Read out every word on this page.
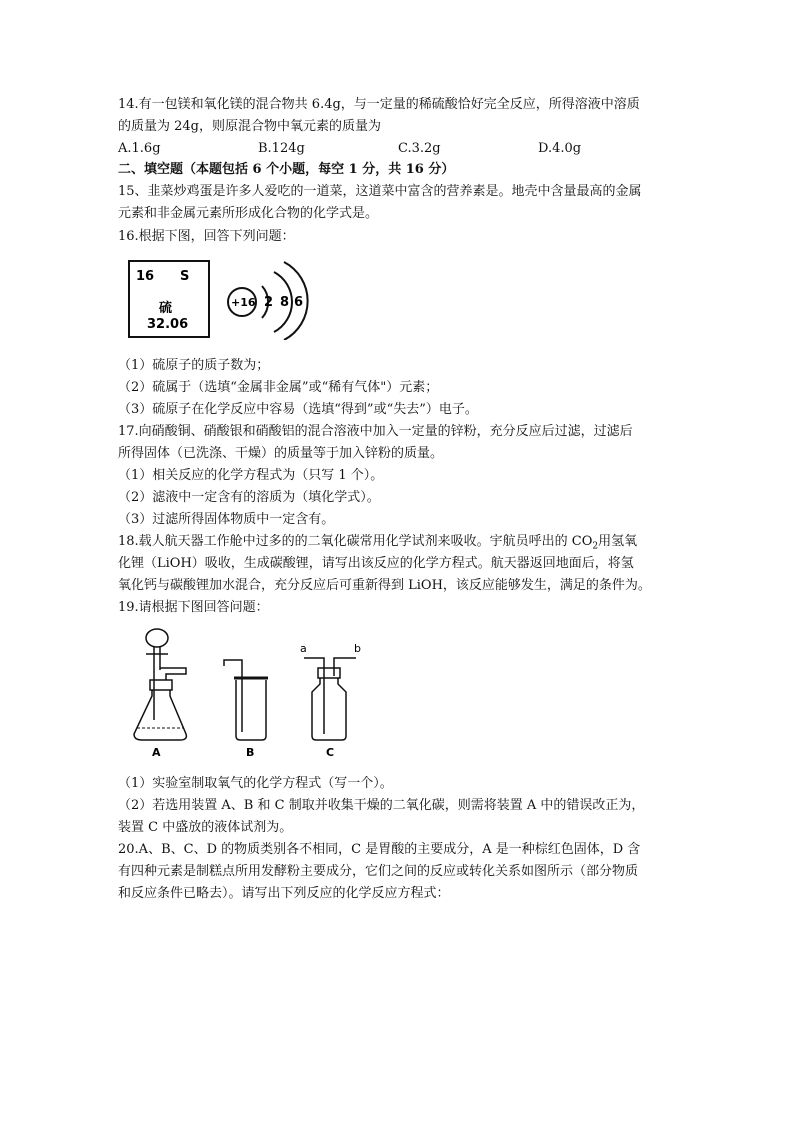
14.有一包镁和氧化镁的混合物共 6.4g，与一定量的稀硫酸恰好完全反应，所得溶液中溶质
的质量为 24g，则原混合物中氧元素的质量为
A.1.6g	B.124g	C.3.2g	D.4.0g
二、填空题（本题包括 6 个小题，每空 1 分，共 16 分）
15、韭菜炒鸡蛋是许多人爱吃的一道菜，这道菜中富含的营养素是。地壳中含量最高的金属
元素和非金属元素所形成化合物的化学式是。
16.根据下图，回答下列问题：
16 S
硫
32.06
+16 2 8 6
（1）硫原子的质子数为；
（2）硫属于（选填“金属非金属”或“稀有气体"）元素；
（3）硫原子在化学反应中容易（选填“得到”或“失去”）电子。
17.向硝酸铜、硝酸银和硝酸铝的混合溶液中加入一定量的锌粉，充分反应后过滤，过滤后
所得固体（已洗涤、干燥）的质量等于加入锌粉的质量。
（1）相关反应的化学方程式为（只写 1 个）。
（2）滤液中一定含有的溶质为（填化学式）。
（3）过滤所得固体物质中一定含有。
18.载人航天器工作舱中过多的的二氧化碳常用化学试剂来吸收。宇航员呼出的 $CO_2$用氢氧
化锂（LiOH）吸收，生成碳酸锂，请写出该反应的化学方程式。航天器返回地面后，将氢
氧化钙与碳酸锂加水混合，充分反应后可重新得到 LiOH，该反应能够发生，满足的条件为。
19.请根据下图回答问题：
A	B
a	b
C
（1）实验室制取氧气的化学方程式（写一个）。
（2）若选用装置 A、B 和 C 制取并收集干燥的二氧化碳，则需将装置 A 中的错误改正为，
装置 C 中盛放的液体试剂为。
20.A、B、C、D 的物质类别各不相同，C 是胃酸的主要成分，A 是一种棕红色固体，D 含
有四种元素是制糕点所用发酵粉主要成分，它们之间的反应或转化关系如图所示（部分物质
和反应条件已略去）。请写出下列反应的化学反应方程式：
